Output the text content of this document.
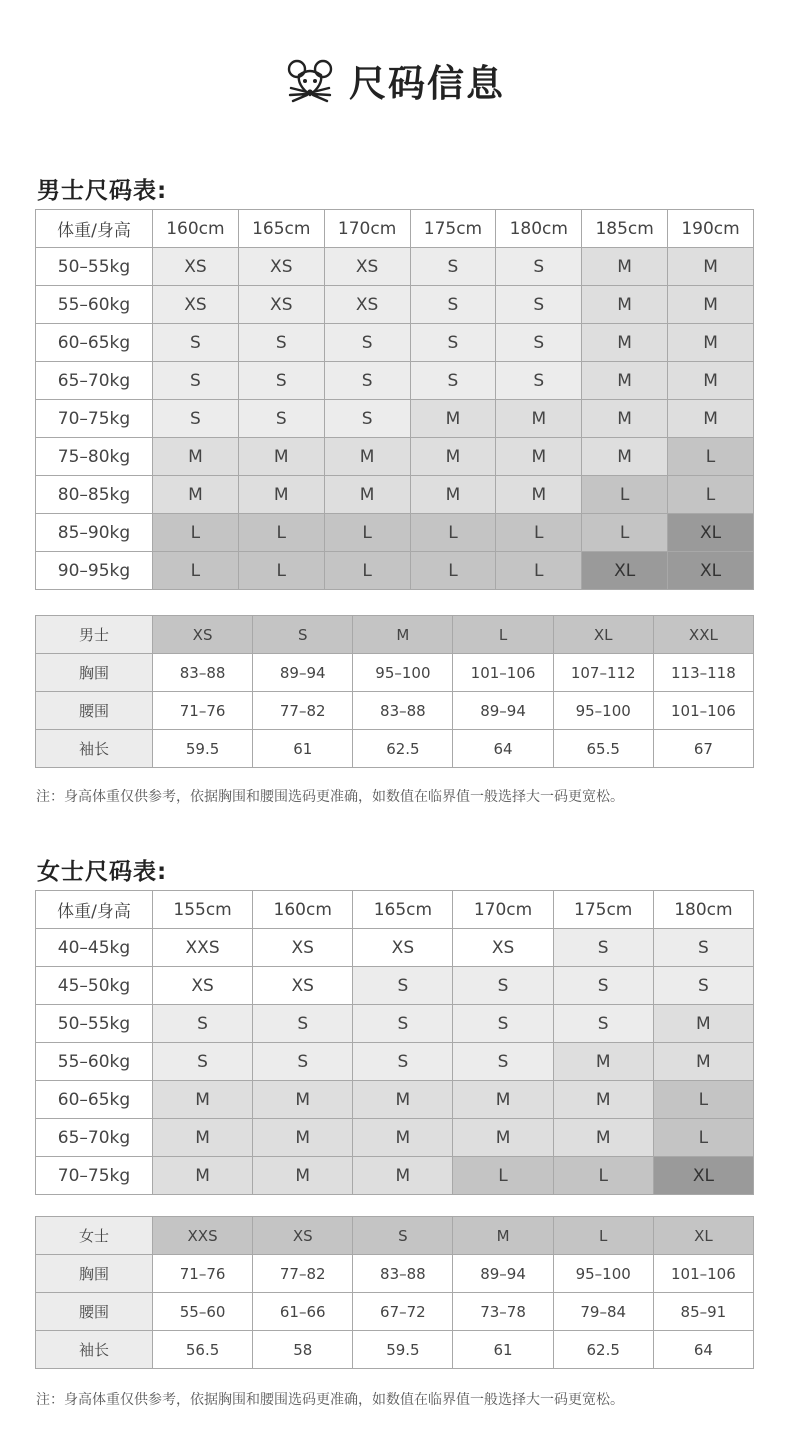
尺码信息
男士尺码表:
体重/身高	160cm	165cm	170cm	175cm	180cm	185cm	190cm
50–55kg	XS	XS	XS	S	S	M	M
55–60kg	XS	XS	XS	S	S	M	M
60–65kg	S	S	S	S	S	M	M
65–70kg	S	S	S	S	S	M	M
70–75kg	S	S	S	M	M	M	M
75–80kg	M	M	M	M	M	M	L
80–85kg	M	M	M	M	M	L	L
85–90kg	L	L	L	L	L	L	XL
90–95kg	L	L	L	L	L	XL	XL
男士	XS	S	M	L	XL	XXL
胸围	83–88	89–94	95–100	101–106	107–112	113–118
腰围	71–76	77–82	83–88	89–94	95–100	101–106
袖长	59.5	61	62.5	64	65.5	67
注：身高体重仅供参考，依据胸围和腰围选码更准确，如数值在临界值一般选择大一码更宽松。
女士尺码表:
体重/身高	155cm	160cm	165cm	170cm	175cm	180cm
40–45kg	XXS	XS	XS	XS	S	S
45–50kg	XS	XS	S	S	S	S
50–55kg	S	S	S	S	S	M
55–60kg	S	S	S	S	M	M
60–65kg	M	M	M	M	M	L
65–70kg	M	M	M	M	M	L
70–75kg	M	M	M	L	L	XL
女士	XXS	XS	S	M	L	XL
胸围	71–76	77–82	83–88	89–94	95–100	101–106
腰围	55–60	61–66	67–72	73–78	79–84	85–91
袖长	56.5	58	59.5	61	62.5	64
注：身高体重仅供参考，依据胸围和腰围选码更准确，如数值在临界值一般选择大一码更宽松。
